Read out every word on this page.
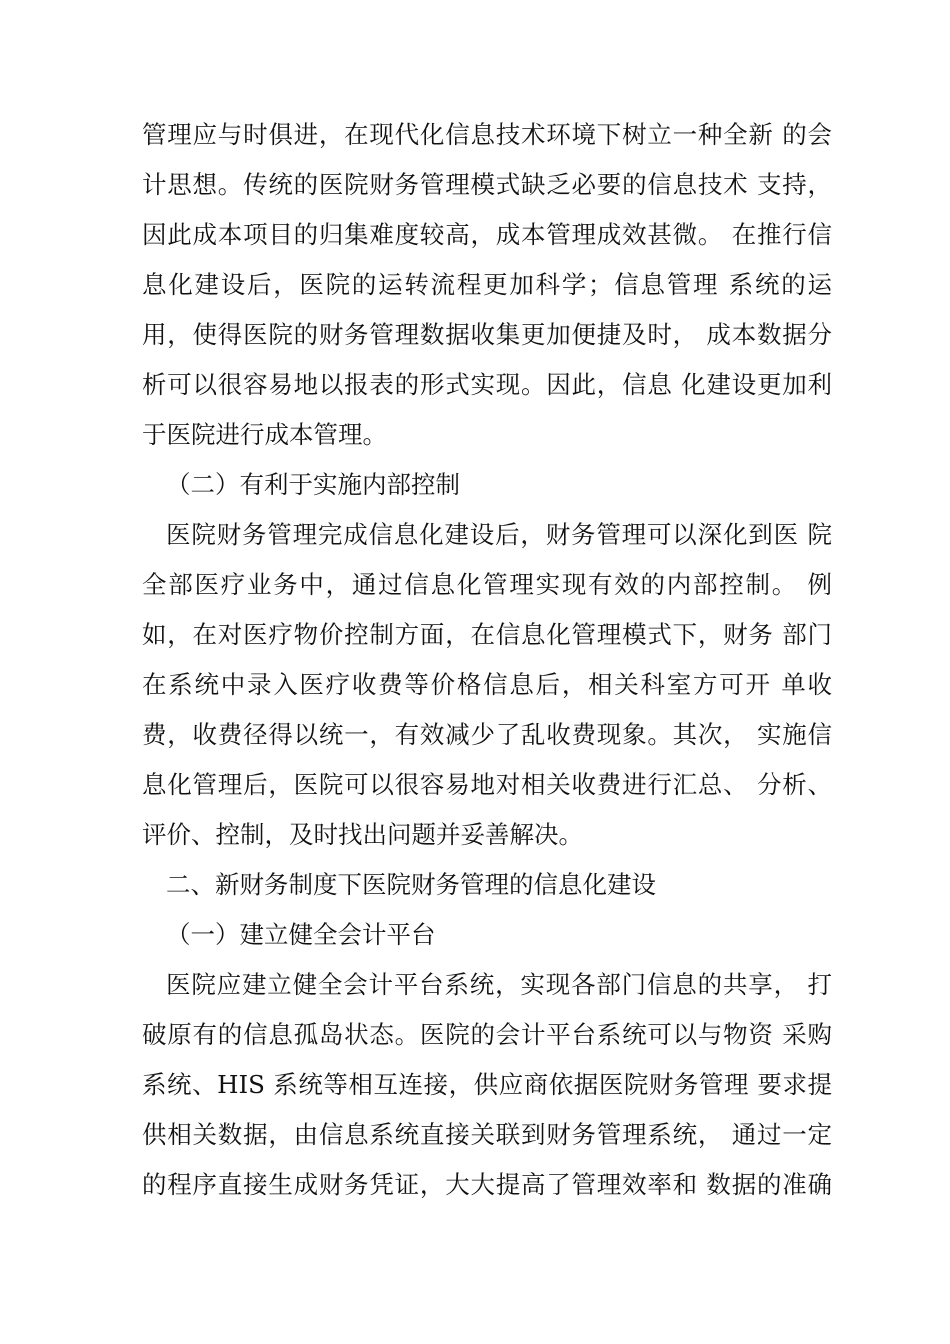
管理应与时俱进，在现代化信息技术环境下树立一种全新 的会
计思想。传统的医院财务管理模式缺乏必要的信息技术 支持，
因此成本项目的归集难度较高，成本管理成效甚微。 在推行信
息化建设后，医院的运转流程更加科学；信息管理 系统的运
用，使得医院的财务管理数据收集更加便捷及时， 成本数据分
析可以很容易地以报表的形式实现。因此，信息 化建设更加利
于医院进行成本管理。
（二）有利于实施内部控制
医院财务管理完成信息化建设后，财务管理可以深化到医 院
全部医疗业务中，通过信息化管理实现有效的内部控制。 例
如，在对医疗物价控制方面，在信息化管理模式下，财务 部门
在系统中录入医疗收费等价格信息后，相关科室方可开 单收
费，收费径得以统一，有效减少了乱收费现象。其次， 实施信
息化管理后，医院可以很容易地对相关收费进行汇总、 分析、
评价、控制，及时找出问题并妥善解决。
二、新财务制度下医院财务管理的信息化建设
（一）建立健全会计平台
医院应建立健全会计平台系统，实现各部门信息的共享， 打
破原有的信息孤岛状态。医院的会计平台系统可以与物资 采购
系统、HIS 系统等相互连接，供应商依据医院财务管理 要求提
供相关数据，由信息系统直接关联到财务管理系统， 通过一定
的程序直接生成财务凭证，大大提高了管理效率和 数据的准确
